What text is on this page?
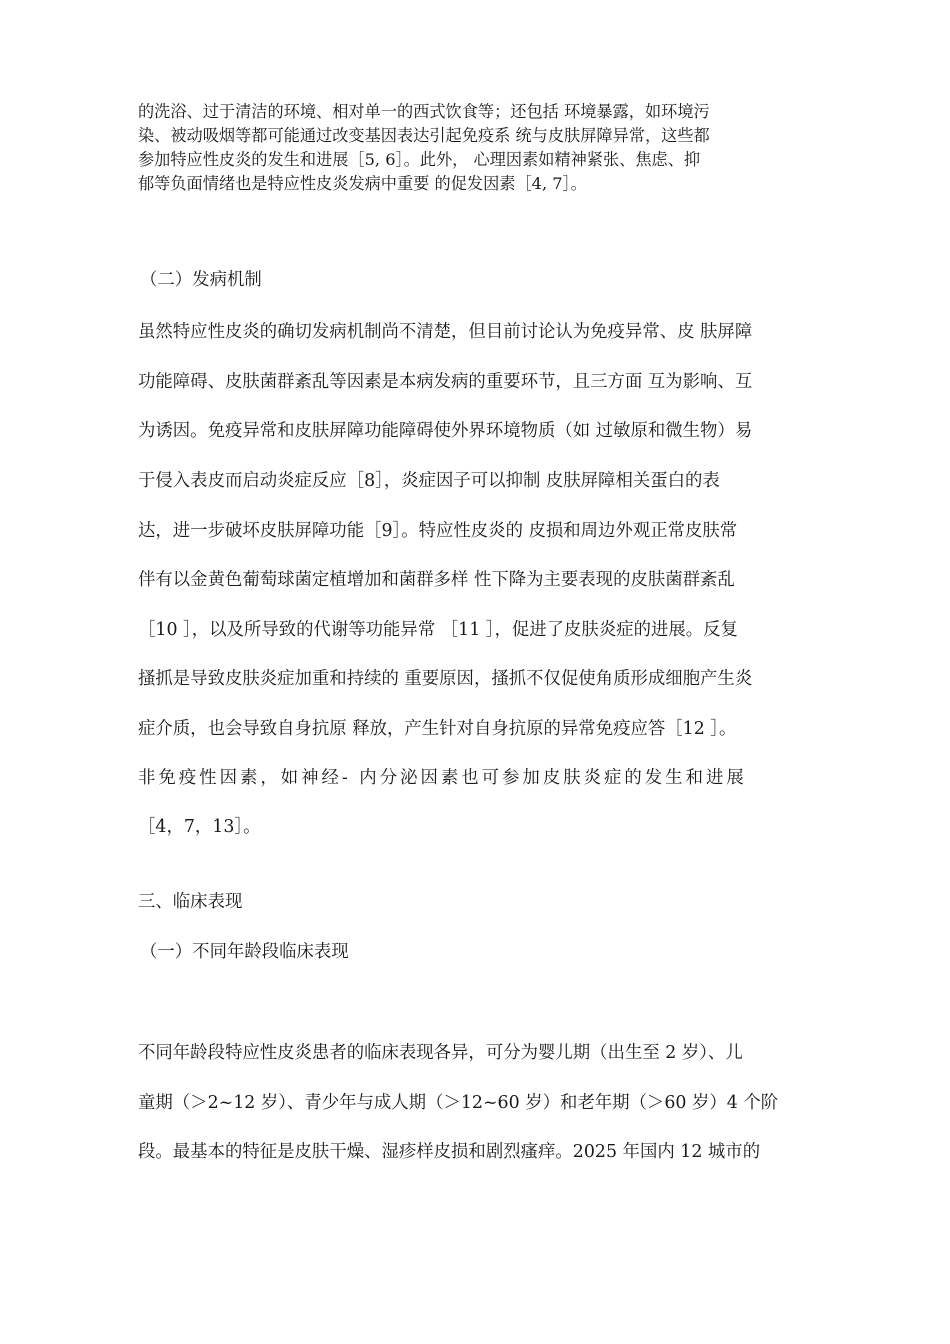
的洗浴、过于清洁的环境、相对单一的西式饮食等；还包括 环境暴露，如环境污
染、被动吸烟等都可能通过改变基因表达引起免疫系 统与皮肤屏障异常，这些都
参加特应性皮炎的发生和进展［5, 6］。此外， 心理因素如精神紧张、焦虑、抑
郁等负面情绪也是特应性皮炎发病中重要 的促发因素［4, 7］。
（二）发病机制
虽然特应性皮炎的确切发病机制尚不清楚，但目前讨论认为免疫异常、皮 肤屏障
功能障碍、皮肤菌群紊乱等因素是本病发病的重要环节，且三方面 互为影响、互
为诱因。免疫异常和皮肤屏障功能障碍使外界环境物质（如 过敏原和微生物）易
于侵入表皮而启动炎症反应［8］，炎症因子可以抑制 皮肤屏障相关蛋白的表
达，进一步破坏皮肤屏障功能［9］。特应性皮炎的 皮损和周边外观正常皮肤常
伴有以金黄色葡萄球菌定植增加和菌群多样 性下降为主要表现的皮肤菌群紊乱
［10 ］，以及所导致的代谢等功能异常 ［11 ］，促进了皮肤炎症的进展。反复
搔抓是导致皮肤炎症加重和持续的 重要原因，搔抓不仅促使角质形成细胞产生炎
症介质，也会导致自身抗原 释放，产生针对自身抗原的异常免疫应答［12 ］。
非免疫性因素，如神经- 内分泌因素也可参加皮肤炎症的发生和进展
［4，7，13］。
三、临床表现
（一）不同年龄段临床表现
不同年龄段特应性皮炎患者的临床表现各异，可分为婴儿期（出生至 2 岁）、儿
童期（＞2~12 岁）、青少年与成人期（＞12~60 岁）和老年期（＞60 岁）4 个阶
段。最基本的特征是皮肤干燥、湿疹样皮损和剧烈瘙痒。2025 年国内 12 城市的
